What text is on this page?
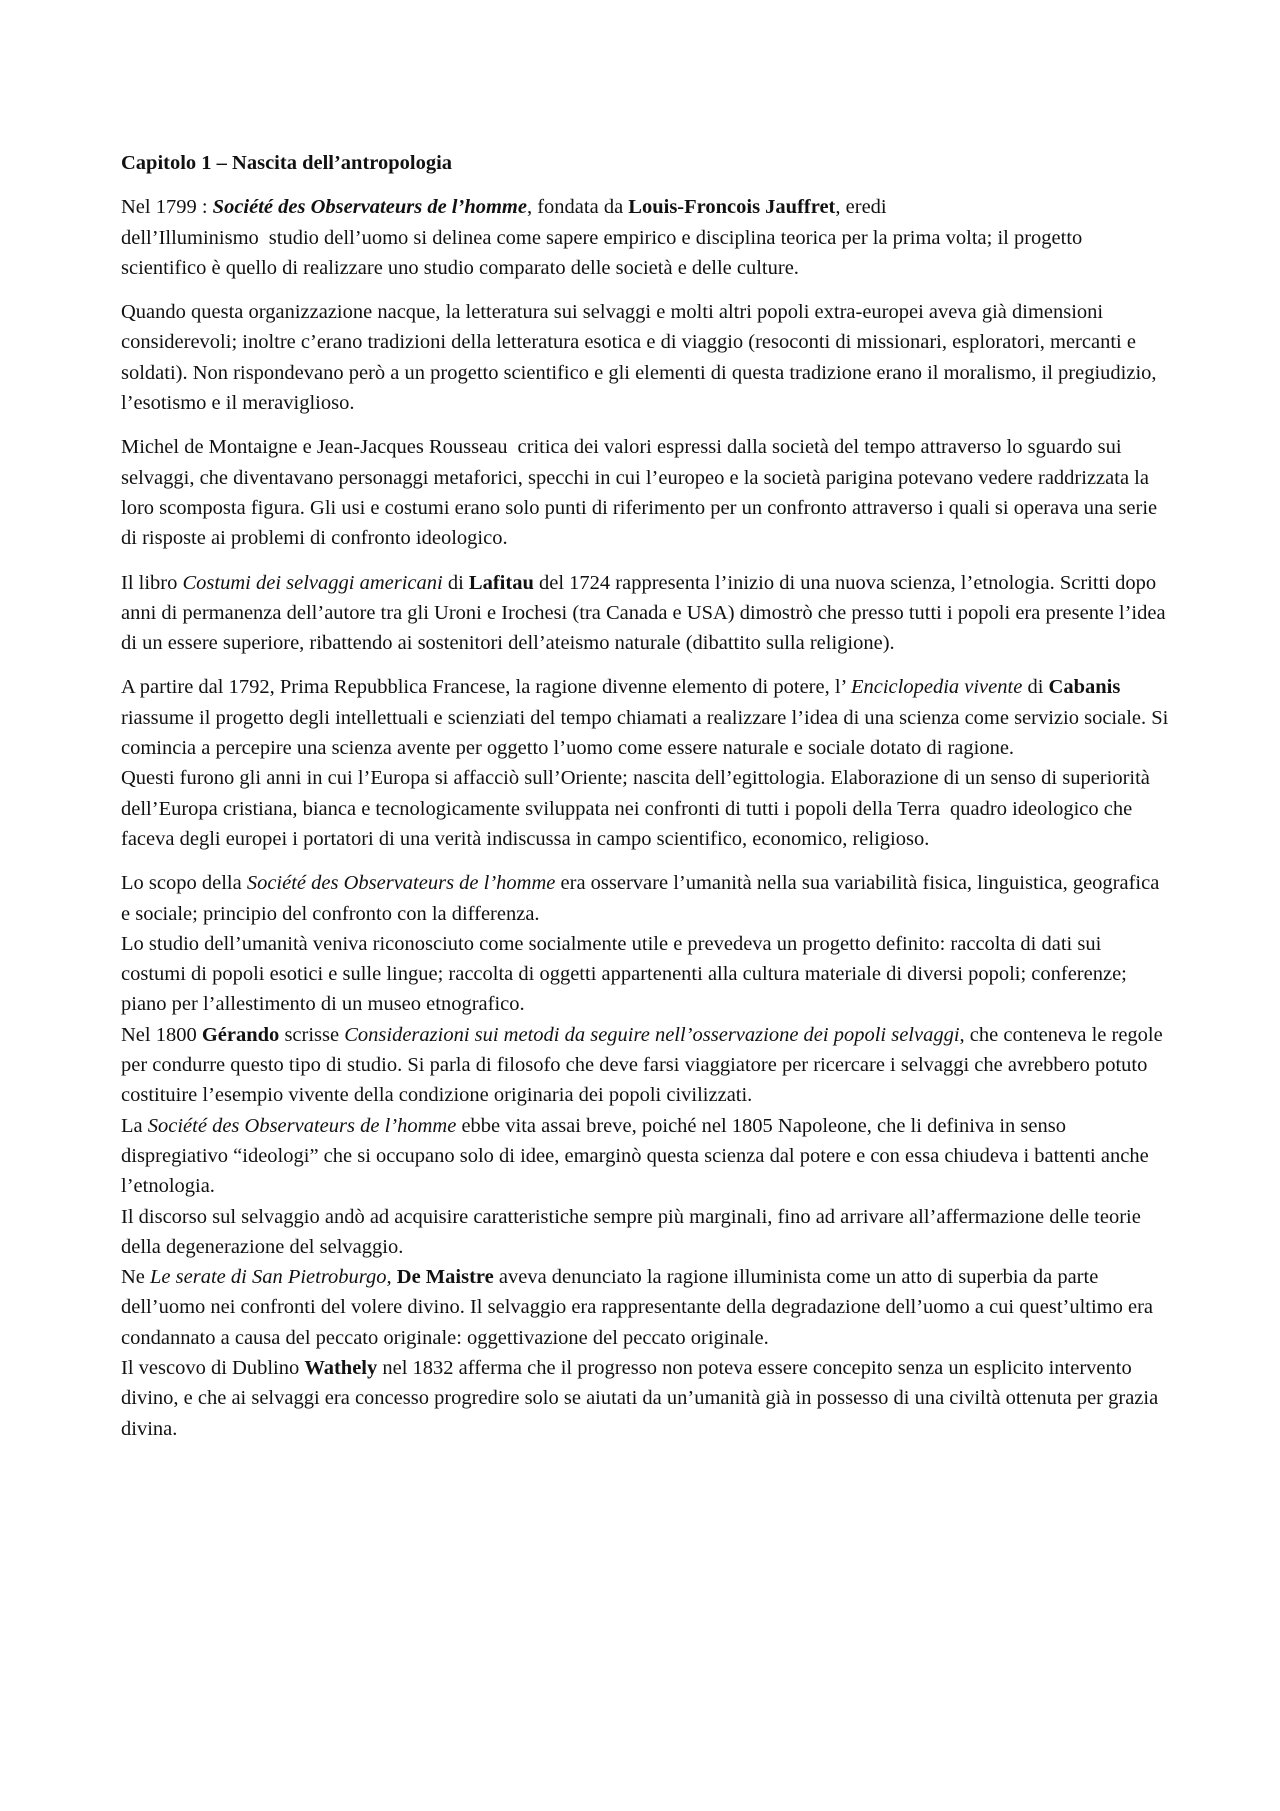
Capitolo 1 – Nascita dell’antropologia

Nel 1799 : Société des Observateurs de l’homme, fondata da Louis-Froncois Jauffret, eredi
dell’Illuminismo studio dell’uomo si delinea come sapere empirico e disciplina teorica per la prima volta; il progetto scientifico è quello di realizzare uno studio comparato delle società e delle culture.

Quando questa organizzazione nacque, la letteratura sui selvaggi e molti altri popoli extra-europei aveva già dimensioni considerevoli; inoltre c’erano tradizioni della letteratura esotica e di viaggio (resoconti di missionari, esploratori, mercanti e soldati). Non rispondevano però a un progetto scientifico e gli elementi di questa tradizione erano il moralismo, il pregiudizio, l’esotismo e il meraviglioso.

Michel de Montaigne e Jean-Jacques Rousseau critica dei valori espressi dalla società del tempo attraverso lo sguardo sui selvaggi, che diventavano personaggi metaforici, specchi in cui l’europeo e la società parigina potevano vedere raddrizzata la loro scomposta figura. Gli usi e costumi erano solo punti di riferimento per un confronto attraverso i quali si operava una serie di risposte ai problemi di confronto ideologico.

Il libro Costumi dei selvaggi americani di Lafitau del 1724 rappresenta l’inizio di una nuova scienza, l’etnologia. Scritti dopo anni di permanenza dell’autore tra gli Uroni e Irochesi (tra Canada e USA) dimostrò che presso tutti i popoli era presente l’idea di un essere superiore, ribattendo ai sostenitori dell’ateismo naturale (dibattito sulla religione).

A partire dal 1792, Prima Repubblica Francese, la ragione divenne elemento di potere, l’ Enciclopedia vivente di Cabanis riassume il progetto degli intellettuali e scienziati del tempo chiamati a realizzare l’idea di una scienza come servizio sociale. Si comincia a percepire una scienza avente per oggetto l’uomo come essere naturale e sociale dotato di ragione.
Questi furono gli anni in cui l’Europa si affacciò sull’Oriente; nascita dell’egittologia. Elaborazione di un senso di superiorità dell’Europa cristiana, bianca e tecnologicamente sviluppata nei confronti di tutti i popoli della Terra quadro ideologico che faceva degli europei i portatori di una verità indiscussa in campo scientifico, economico, religioso.

Lo scopo della Société des Observateurs de l’homme era osservare l’umanità nella sua variabilità fisica, linguistica, geografica e sociale; principio del confronto con la differenza.
Lo studio dell’umanità veniva riconosciuto come socialmente utile e prevedeva un progetto definito: raccolta di dati sui costumi di popoli esotici e sulle lingue; raccolta di oggetti appartenenti alla cultura materiale di diversi popoli; conferenze; piano per l’allestimento di un museo etnografico.
Nel 1800 Gérando scrisse Considerazioni sui metodi da seguire nell’osservazione dei popoli selvaggi, che conteneva le regole per condurre questo tipo di studio. Si parla di filosofo che deve farsi viaggiatore per ricercare i selvaggi che avrebbero potuto costituire l’esempio vivente della condizione originaria dei popoli civilizzati.
La Société des Observateurs de l’homme ebbe vita assai breve, poiché nel 1805 Napoleone, che li definiva in senso dispregiativo “ideologi” che si occupano solo di idee, emarginò questa scienza dal potere e con essa chiudeva i battenti anche l’etnologia.
Il discorso sul selvaggio andò ad acquisire caratteristiche sempre più marginali, fino ad arrivare all’affermazione delle teorie della degenerazione del selvaggio.
Ne Le serate di San Pietroburgo, De Maistre aveva denunciato la ragione illuminista come un atto di superbia da parte dell’uomo nei confronti del volere divino. Il selvaggio era rappresentante della degradazione dell’uomo a cui quest’ultimo era condannato a causa del peccato originale: oggettivazione del peccato originale.
Il vescovo di Dublino Wathely nel 1832 afferma che il progresso non poteva essere concepito senza un esplicito intervento divino, e che ai selvaggi era concesso progredire solo se aiutati da un’umanità già in possesso di una civiltà ottenuta per grazia divina.
